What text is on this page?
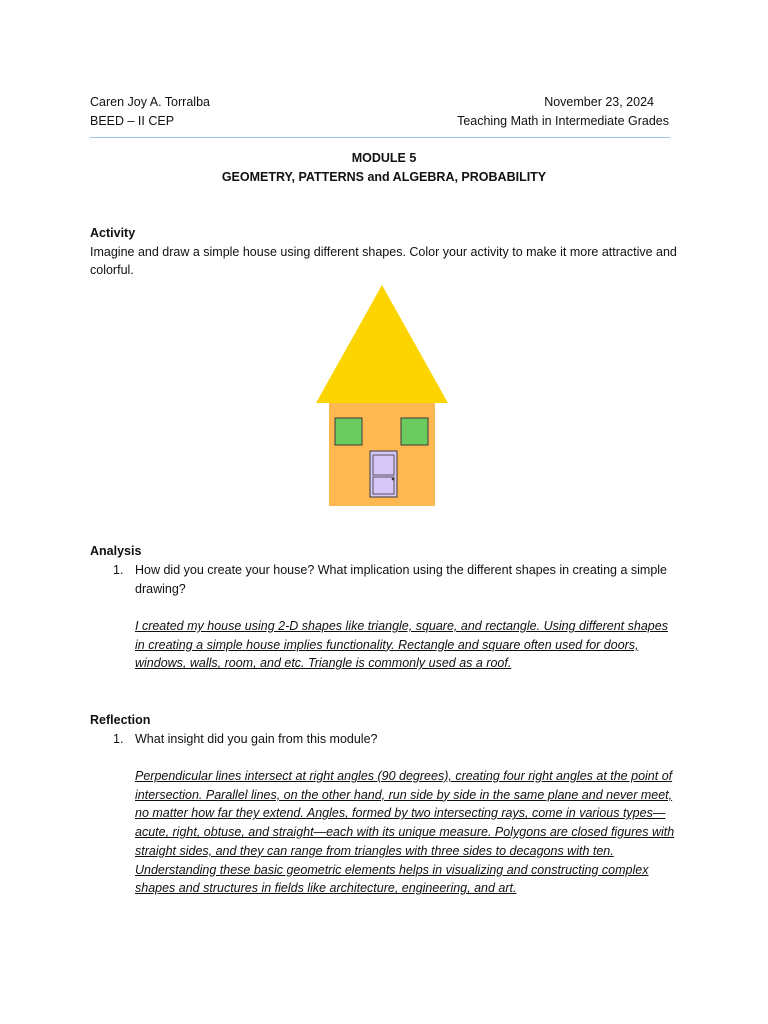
Caren Joy A. Torralba	November 23, 2024
BEED – II CEP	Teaching Math in Intermediate Grades
MODULE 5
GEOMETRY, PATTERNS and ALGEBRA, PROBABILITY
Activity
Imagine and draw a simple house using different shapes. Color your activity to make it more attractive and colorful.
Analysis
1. How did you create your house? What implication using the different shapes in creating a simple drawing?
I created my house using 2-D shapes like triangle, square, and rectangle. Using different shapes in creating a simple house implies functionality. Rectangle and square often used for doors, windows, walls, room, and etc. Triangle is commonly used as a roof.
Reflection
1. What insight did you gain from this module?
Perpendicular lines intersect at right angles (90 degrees), creating four right angles at the point of intersection. Parallel lines, on the other hand, run side by side in the same plane and never meet, no matter how far they extend. Angles, formed by two intersecting rays, come in various types—acute, right, obtuse, and straight—each with its unique measure. Polygons are closed figures with straight sides, and they can range from triangles with three sides to decagons with ten. Understanding these basic geometric elements helps in visualizing and constructing complex shapes and structures in fields like architecture, engineering, and art.
